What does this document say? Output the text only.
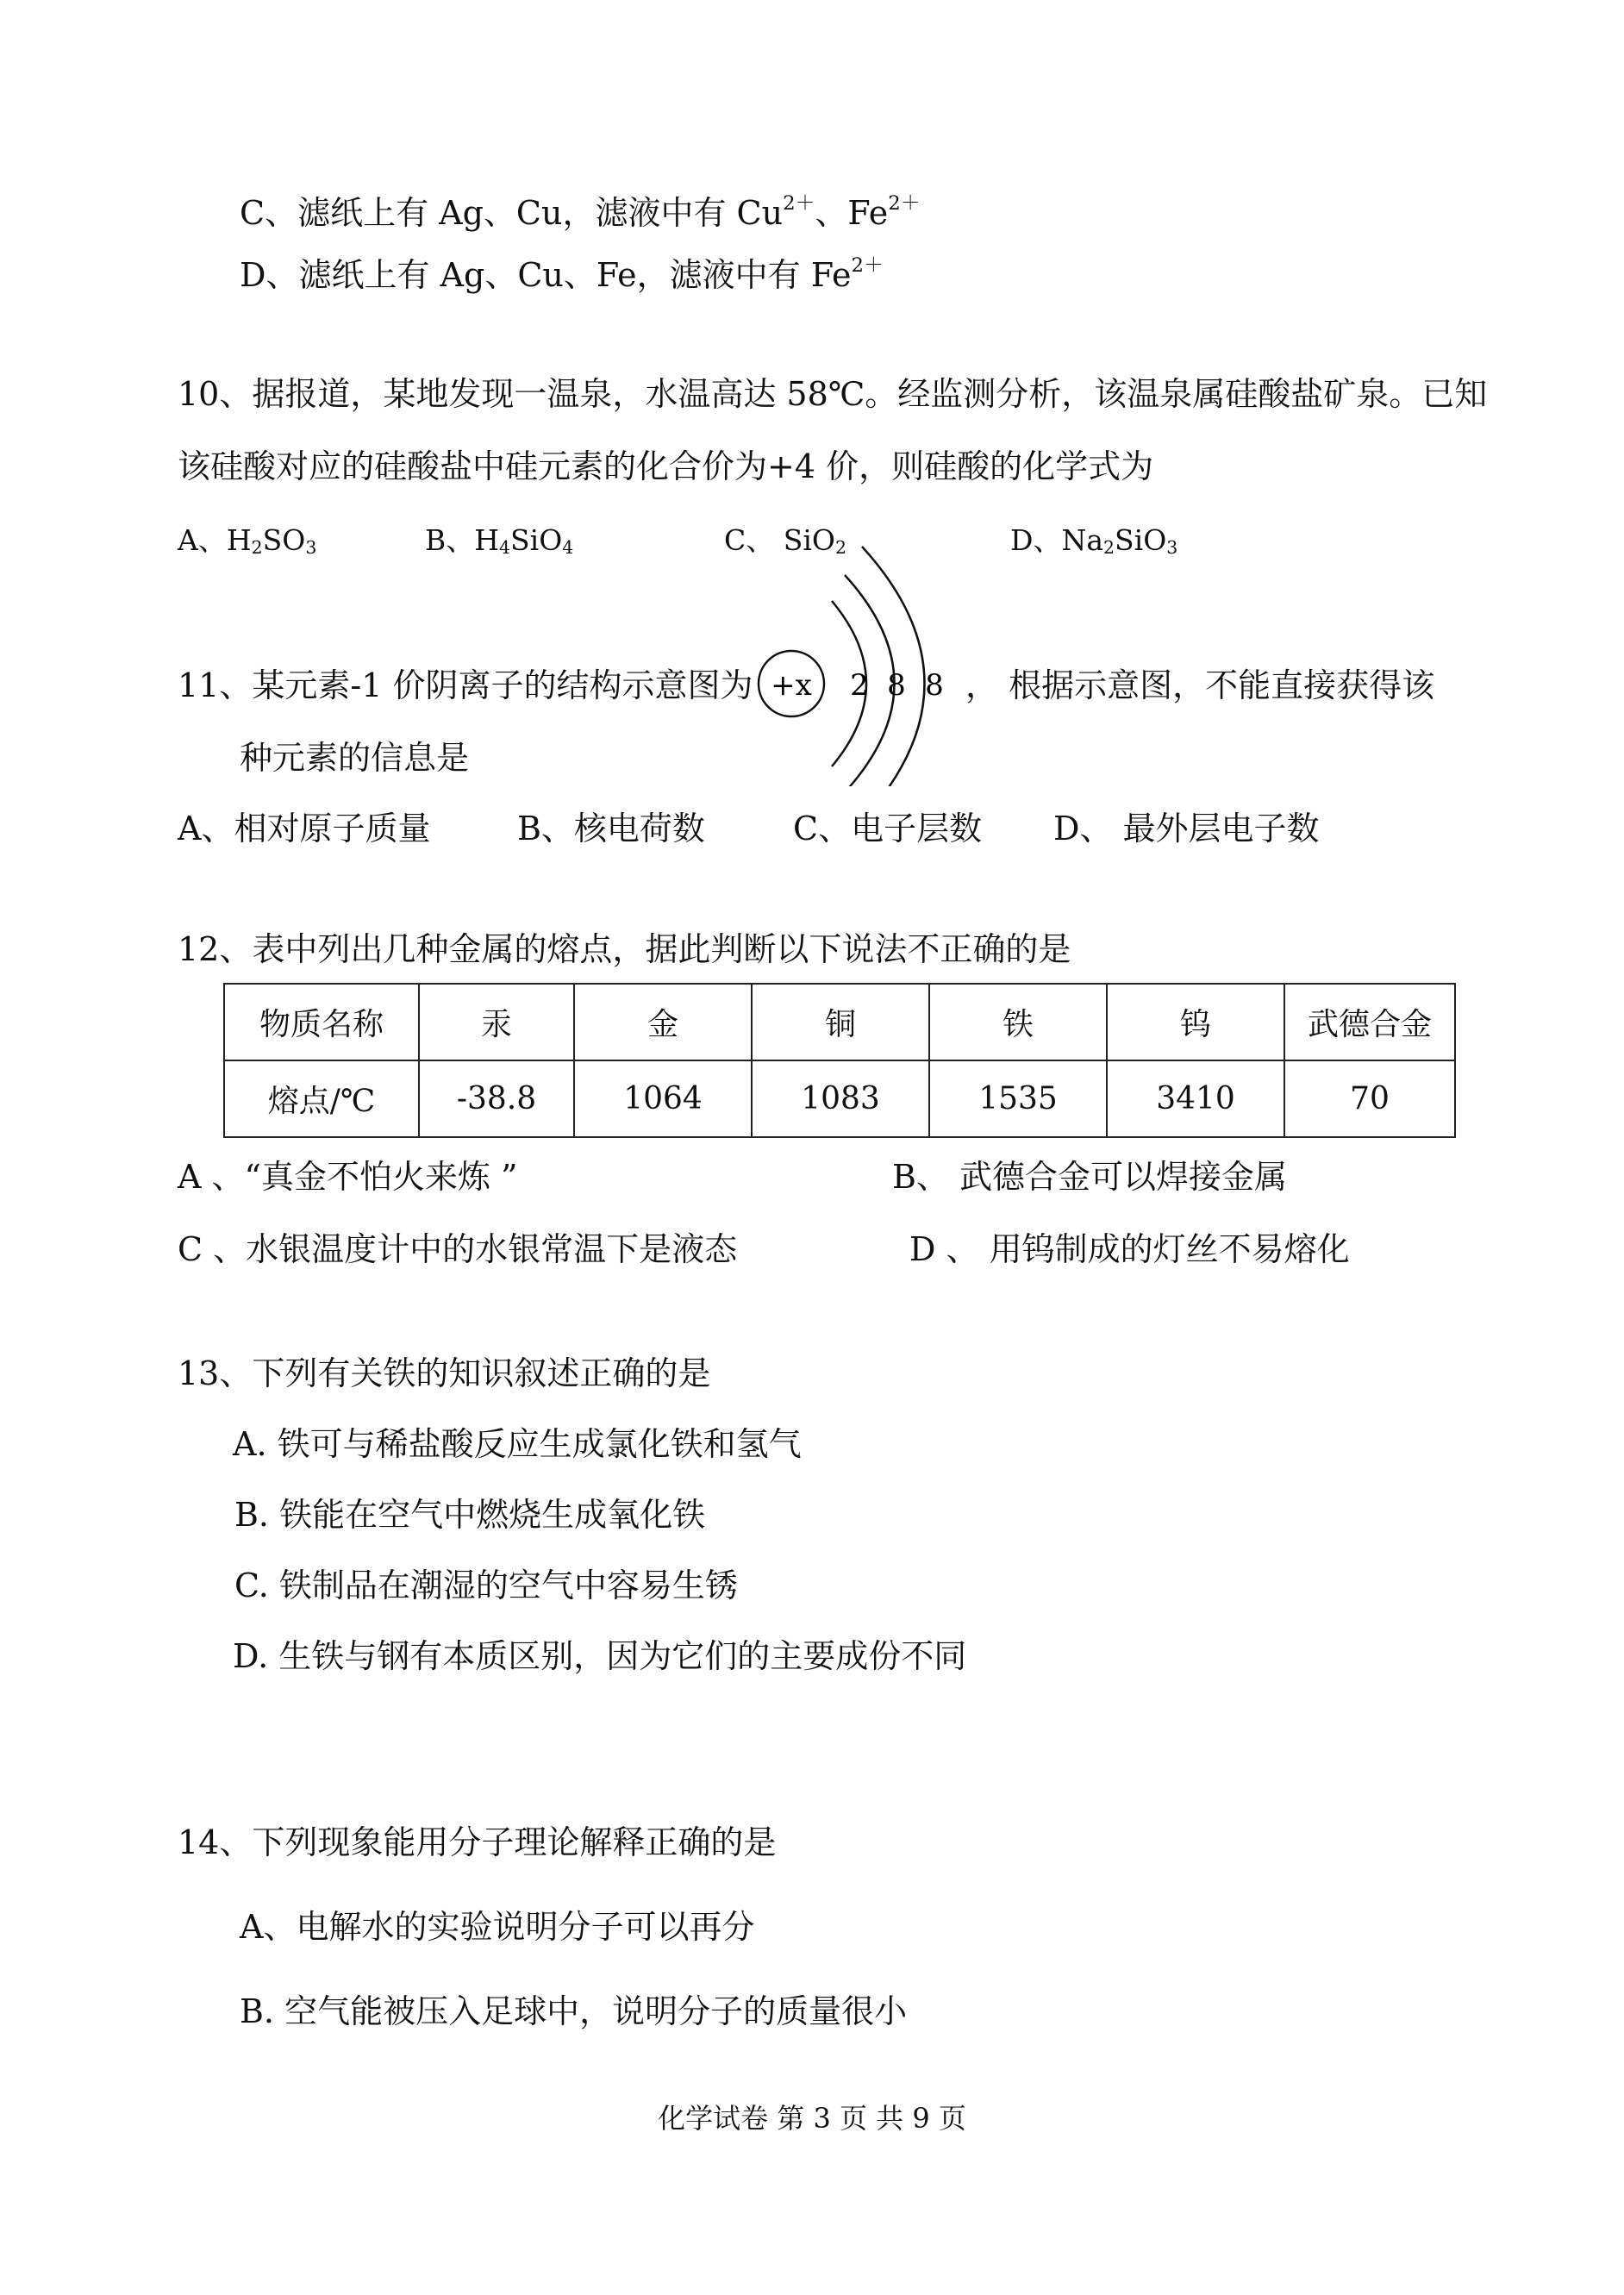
C、滤纸上有 Ag、Cu，滤液中有 $Cu^{2+}$、$Fe^{2+}$
D、滤纸上有 Ag、Cu、Fe，滤液中有 $Fe^{2+}$
10、据报道，某地发现一温泉，水温高达 58℃。经监测分析，该温泉属硅酸盐矿泉。已知
该硅酸对应的硅酸盐中硅元素的化合价为+4 价，则硅酸的化学式为
A、$H_2SO_3$	B、$H_4SiO_4$	C、 SiO$_2$	D、$Na_2SiO_3$
11、某元素-1 价阴离子的结构示意图为 +x 2 8 8 ， 根据示意图，不能直接获得该
种元素的信息是
A、相对原子质量	B、核电荷数	C、电子层数 D、 最外层电子数
12、表中列出几种金属的熔点，据此判断以下说法不正确的是
物质名称	汞	金	铜	铁	钨	武德合金
熔点/℃	-38.8	1064	1083	1535	3410	70
A 、“真金不怕火来炼 ”	B、 武德合金可以焊接金属
C 、水银温度计中的水银常温下是液态	D 、 用钨制成的灯丝不易熔化
13、下列有关铁的知识叙述正确的是
A. 铁可与稀盐酸反应生成氯化铁和氢气
B. 铁能在空气中燃烧生成氧化铁
C. 铁制品在潮湿的空气中容易生锈
D. 生铁与钢有本质区别，因为它们的主要成份不同
14、下列现象能用分子理论解释正确的是
A、电解水的实验说明分子可以再分
B. 空气能被压入足球中，说明分子的质量很小
化学试卷 第 3 页 共 9 页
